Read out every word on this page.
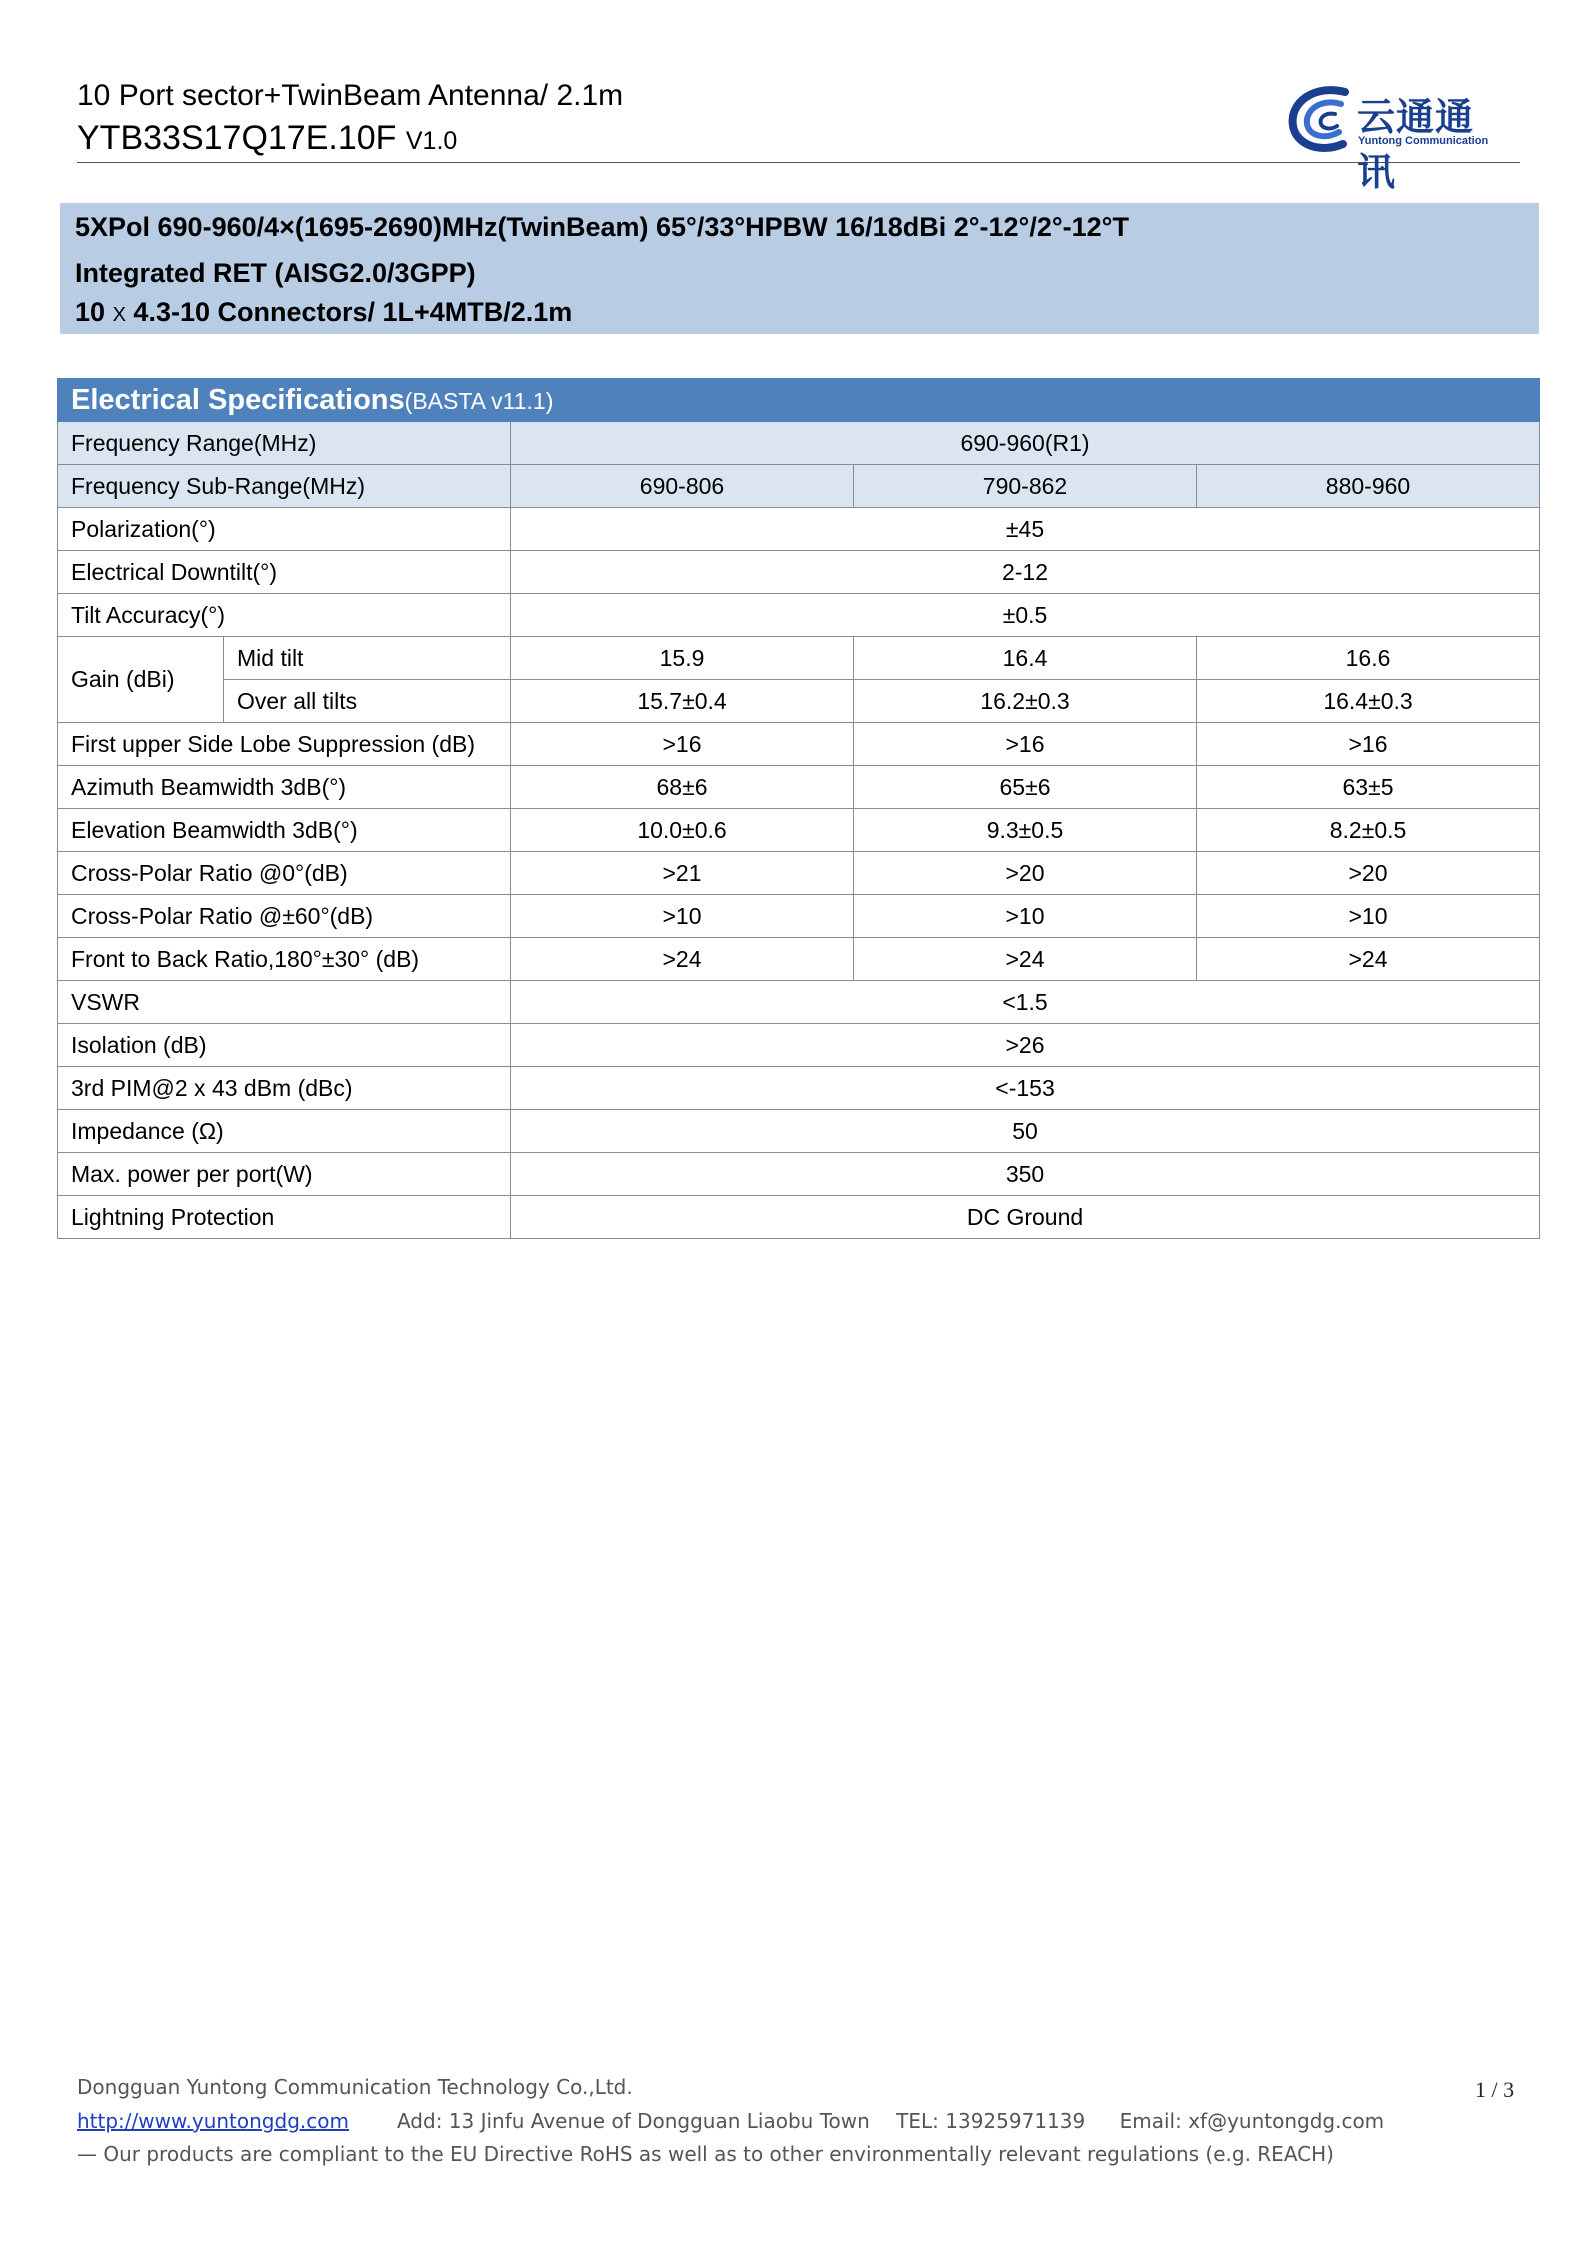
10 Port sector+TwinBeam Antenna/ 2.1m
YTB33S17Q17E.10F V1.0
云通通讯
Yuntong Communication
5XPol 690-960/4×(1695-2690)MHz(TwinBeam) 65°/33°HPBW 16/18dBi 2°-12°/2°-12°T
Integrated RET (AISG2.0/3GPP)
10 X 4.3-10 Connectors/ 1L+4MTB/2.1m
Electrical Specifications(BASTA v11.1)				
Frequency Range(MHz)		690-960(R1)		
Frequency Sub-Range(MHz)		690-806	790-862	880-960
Polarization(°)		±45		
Electrical Downtilt(°)		2-12		
Tilt Accuracy(°)		±0.5		
Gain (dBi)	Mid tilt	15.9	16.4	16.6
	Over all tilts	15.7±0.4	16.2±0.3	16.4±0.3
First upper Side Lobe Suppression (dB)		>16	>16	>16
Azimuth Beamwidth 3dB(°)		68±6	65±6	63±5
Elevation Beamwidth 3dB(°)		10.0±0.6	9.3±0.5	8.2±0.5
Cross-Polar Ratio @0°(dB)		>21	>20	>20
Cross-Polar Ratio @±60°(dB)		>10	>10	>10
Front to Back Ratio,180°±30° (dB)		>24	>24	>24
VSWR		<1.5		
Isolation (dB)		>26		
3rd PIM@2 x 43 dBm (dBc)		<-153		
Impedance (Ω)		50		
Max. power per port(W)		350		
Lightning Protection		DC Ground		
Dongguan Yuntong Communication Technology Co.,Ltd.
http://www.yuntongdg.com Add: 13 Jinfu Avenue of Dongguan Liaobu Town TEL: 13925971139 Email: xf@yuntongdg.com
— Our products are compliant to the EU Directive RoHS as well as to other environmentally relevant regulations (e.g. REACH)
1 / 3
